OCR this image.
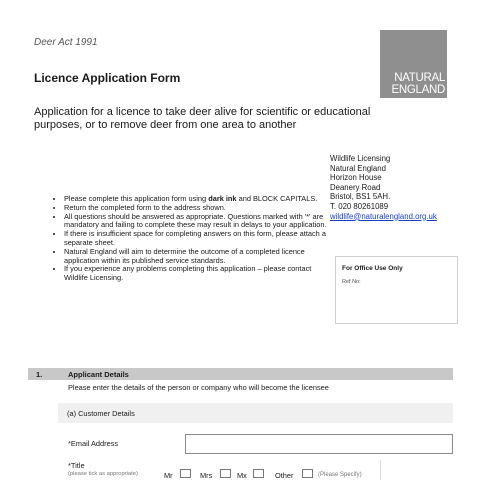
Deer Act 1991
NATURAL
ENGLAND
Licence Application Form
Application for a licence to take deer alive for scientific or educational purposes, or to remove deer from one area to another
Wildlife Licensing
Natural England
Horizon House
Deanery Road
Bristol, BS1 5AH.
T. 020 80261089
wildlife@naturalengland.org.uk
• Please complete this application form using dark ink and BLOCK CAPITALS.
• Return the completed form to the address shown.
• All questions should be answered as appropriate. Questions marked with '*' are mandatory and failing to complete these may result in delays to your application.
• If there is insufficient space for completing answers on this form, please attach a separate sheet.
• Natural England will aim to determine the outcome of a completed licence application within its published service standards.
• If you experience any problems completing this application – please contact Wildlife Licensing.
For Office Use Only
Ref No:
1.	Applicant Details
Please enter the details of the person or company who will become the licensee
(a) Customer Details
*Email Address
*Title
(please tick as appropriate)	Mr	Mrs	Mx	Other	(Please Specify)
